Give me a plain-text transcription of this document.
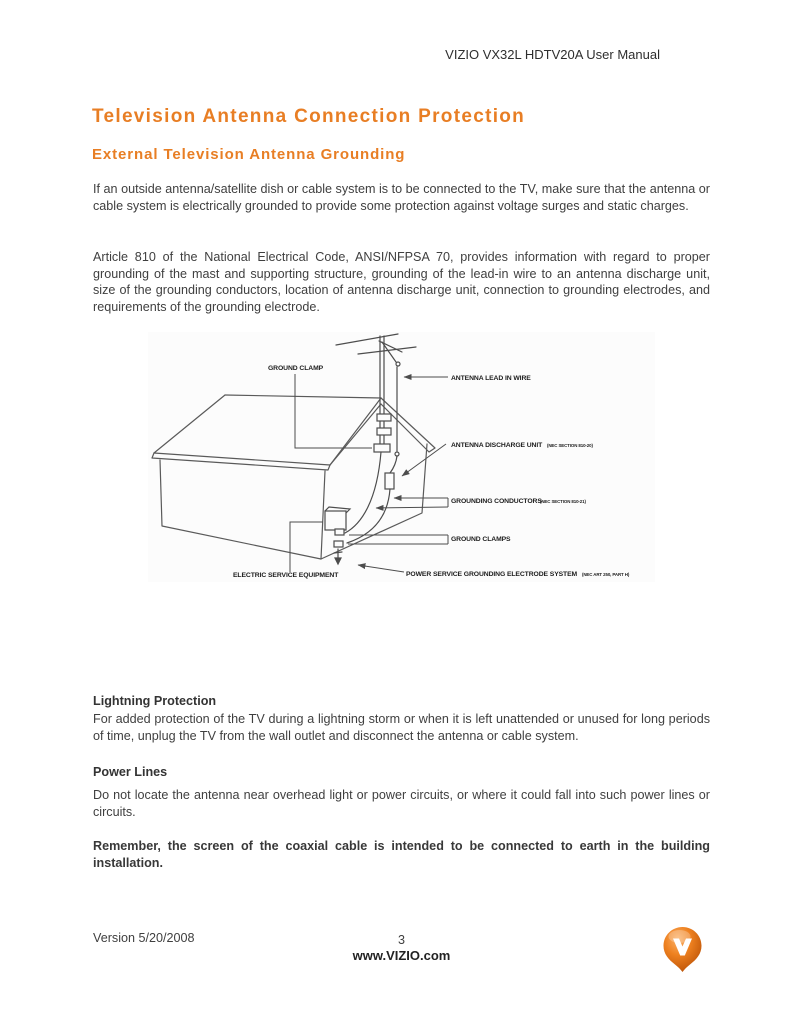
VIZIO VX32L HDTV20A User Manual
Television Antenna Connection Protection
External Television Antenna Grounding
If an outside antenna/satellite dish or cable system is to be connected to the TV, make sure that the antenna or cable system is electrically grounded to provide some protection against voltage surges and static charges.
Article 810 of the National Electrical Code, ANSI/NFPSA 70, provides information with regard to proper grounding of the mast and supporting structure, grounding of the lead-in wire to an antenna discharge unit, size of the grounding conductors, location of antenna discharge unit, connection to grounding electrodes, and requirements of the grounding electrode.
GROUND CLAMP
ANTENNA LEAD IN WIRE
ANTENNA DISCHARGE UNIT (NEC SECTION 810-20)
GROUNDING CONDUCTORS
(NEC SECTION 810-21)
GROUND CLAMPS
ELECTRIC SERVICE EQUIPMENT	POWER SERVICE GROUNDING ELECTRODE SYSTEM (NEC ART 250, PART H)
Lightning Protection
For added protection of the TV during a lightning storm or when it is left unattended or unused for long periods of time, unplug the TV from the wall outlet and disconnect the antenna or cable system.
Power Lines
Do not locate the antenna near overhead light or power circuits, or where it could fall into such power lines or circuits.
Remember, the screen of the coaxial cable is intended to be connected to earth in the building installation.
Version 5/20/2008	3
www.VIZIO.com
